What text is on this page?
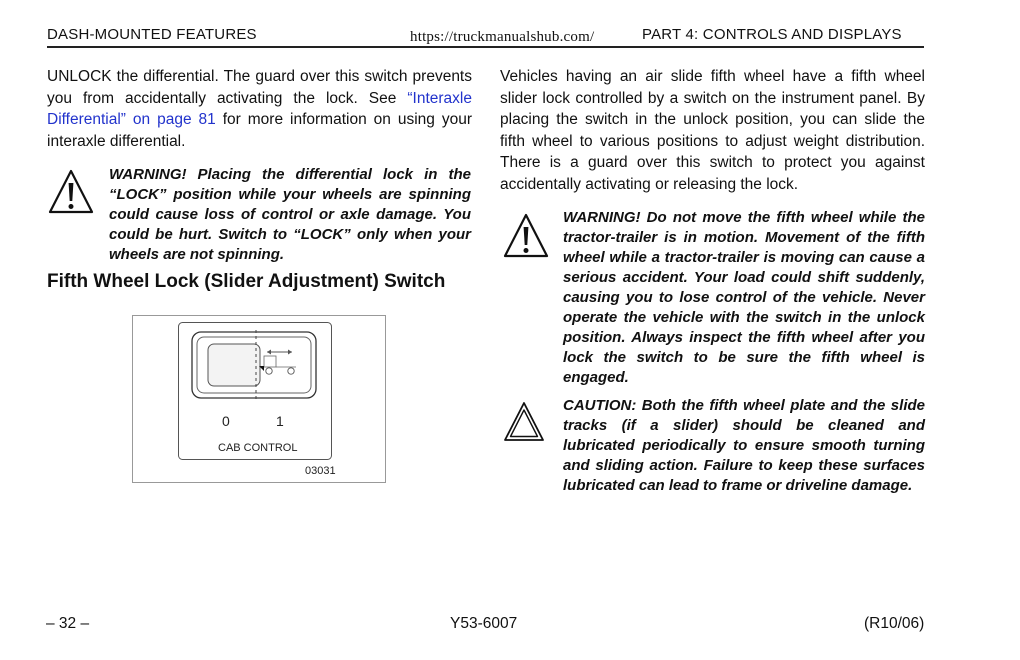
DASH-MOUNTED FEATURES	https://truckmanualshub.com/	PART 4: CONTROLS AND DISPLAYS

UNLOCK the differential. The guard over this switch prevents you from accidentally activating the lock. See “Interaxle Differential” on page 81 for more information on using your interaxle differential.

WARNING! Placing the differential lock in the “LOCK” position while your wheels are spinning could cause loss of control or axle damage. You could be hurt. Switch to “LOCK” only when your wheels are not spinning.
Fifth Wheel Lock (Slider Adjustment) Switch
0	1
CAB CONTROL
03031

Vehicles having an air slide fifth wheel have a fifth wheel slider lock controlled by a switch on the instrument panel. By placing the switch in the unlock position, you can slide the fifth wheel to various positions to adjust weight distribution. There is a guard over this switch to protect you against accidentally activating or releasing the lock.

WARNING! Do not move the fifth wheel while the tractor-trailer is in motion. Movement of the fifth wheel while a tractor-trailer is moving can cause a serious accident. Your load could shift suddenly, causing you to lose control of the vehicle. Never operate the vehicle with the switch in the unlock position. Always inspect the fifth wheel after you lock the switch to be sure the fifth wheel is engaged.
CAUTION: Both the fifth wheel plate and the slide tracks (if a slider) should be cleaned and lubricated periodically to ensure smooth turning and sliding action. Failure to keep these surfaces lubricated can lead to frame or driveline damage.
– 32 –	Y53-6007	(R10/06)
